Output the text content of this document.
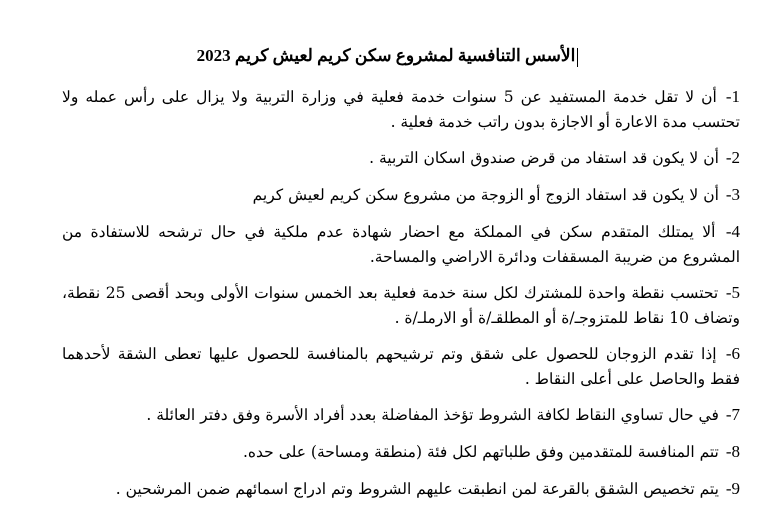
الأسس التنافسية لمشروع سكن كريم لعيش كريم 2023
1- أن لا تقل خدمة المستفيد عن 5 سنوات خدمة فعلية في وزارة التربية ولا يزال على رأس عمله ولا تحتسب مدة الاعارة أو الاجازة بدون راتب خدمة فعلية .
2- أن لا يكون قد استفاد من قرض صندوق اسكان التربية .
3- أن لا يكون قد استفاد الزوج أو الزوجة من مشروع سكن كريم لعيش كريم
4- ألا يمتلك المتقدم سكن في المملكة مع احضار شهادة عدم ملكية في حال ترشحه للاستفادة من المشروع من ضريبة المسقفات ودائرة الاراضي والمساحة.
5- تحتسب نقطة واحدة للمشترك لكل سنة خدمة فعلية بعد الخمس سنوات الأولى وبحد أقصى 25 نقطة، وتضاف 10 نقاط للمتزوجـ/ة أو المطلقـ/ة أو الارملـ/ة .
6- إذا تقدم الزوجان للحصول على شقق وتم ترشيحهم بالمنافسة للحصول عليها تعطى الشقة لأحدهما فقط والحاصل على أعلى النقاط .
7- في حال تساوي النقاط لكافة الشروط تؤخذ المفاضلة بعدد أفراد الأسرة وفق دفتر العائلة .
8- تتم المنافسة للمتقدمين وفق طلباتهم لكل فئة (منطقة ومساحة) على حده.
9- يتم تخصيص الشقق بالقرعة لمن انطبقت عليهم الشروط وتم ادراج اسمائهم ضمن المرشحين .
